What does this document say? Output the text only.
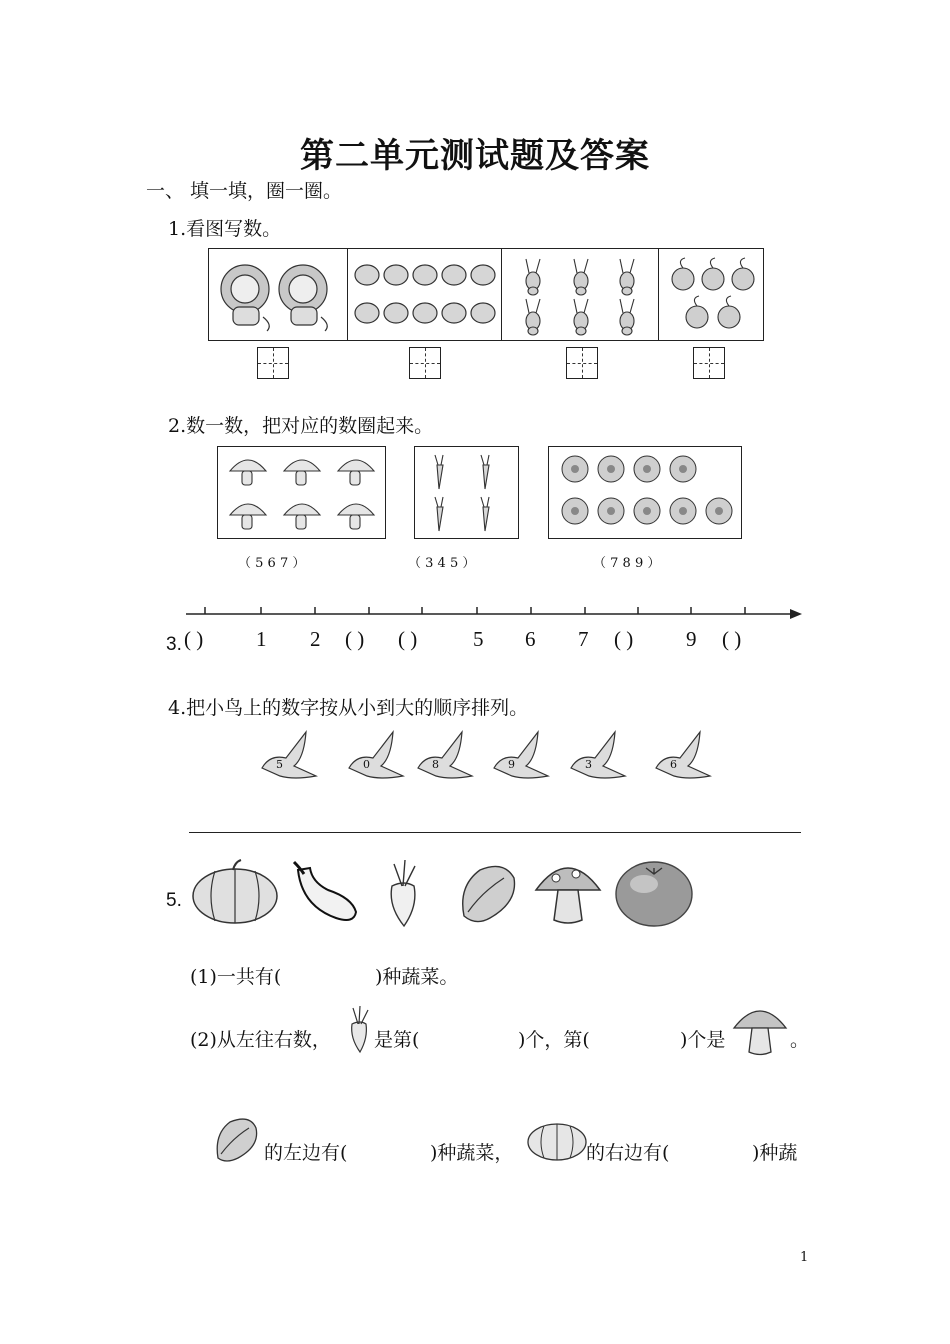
第二单元测试题及答案
一、 填一填，圈一圈。
1.看图写数。
2.数一数，把对应的数圈起来。
（ 5 6 7 ）	（ 3 4 5 ）	（ 7 8 9 ）
3. ( )	1 2 ( ) ( )	5 6 7 ( )	9 ( )
4.把小鸟上的数字按从小到大的顺序排列。
5	0	8	9	3	6
5.
(1)一共有(	)种蔬菜。
(2)从左往右数， 是第(	)个，第(	)个是	。
的左边有(	)种蔬菜，	的右边有(	)种蔬
1
